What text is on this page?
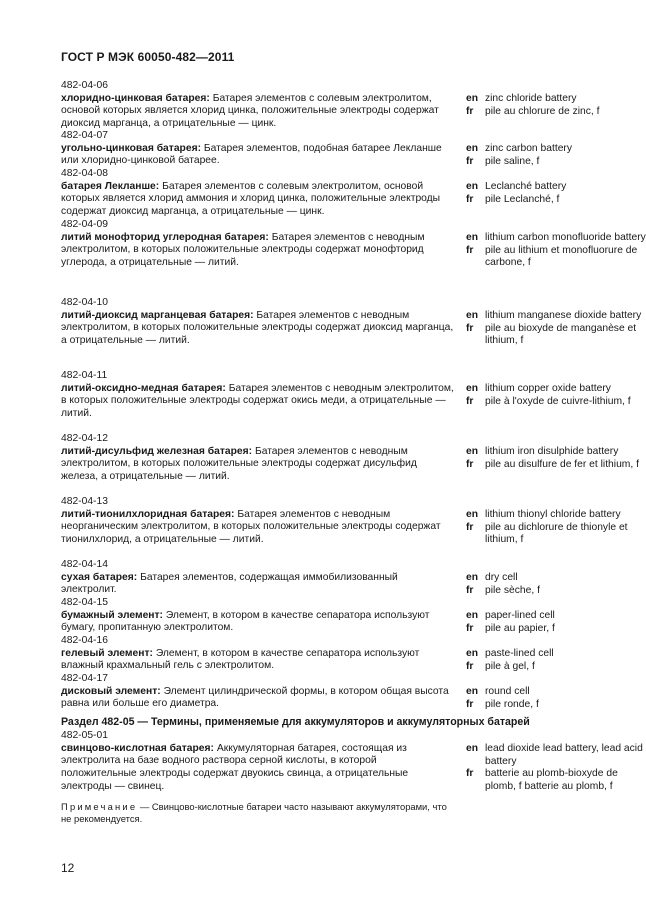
ГОСТ Р МЭК 60050-482—2011
482-04-06
хлоридно-цинковая батарея: Батарея элементов с солевым электролитом, основой которых является хлорид цинка, положительные электроды содержат диоксид марганца, а отрицательные — цинк.
en zinc chloride battery
fr	pile au chlorure de zinc, f
482-04-07
угольно-цинковая батарея: Батарея элементов, подобная батарее Лекланше или хлоридно-цинковой батарее.
en zinc carbon battery
fr	pile saline, f
482-04-08
батарея Лекланше: Батарея элементов с солевым электролитом, основой которых является хлорид аммония и хлорид цинка, положительные электроды содержат диоксид марганца, а отрицательные — цинк.
en Leclanché battery
fr	pile Leclanché, f
482-04-09
литий монофторид углеродная батарея: Батарея элементов с неводным электролитом, в которых положительные электроды содержат монофторид углерода, а отрицательные — литий.
en lithium carbon monofluoride battery
fr	pile au lithium et monofluorure de carbone, f
482-04-10
литий-диоксид марганцевая батарея: Батарея элементов с неводным электролитом, в которых положительные электроды содержат диоксид марганца, а отрицательные — литий.
en lithium manganese dioxide battery
fr	pile au bioxyde de manganèse et lithium, f
482-04-11
литий-оксидно-медная батарея: Батарея элементов с неводным электролитом, в которых положительные электроды содержат окись меди, а отрицательные — литий.
en lithium copper oxide battery
fr	pile à l'oxyde de cuivre-lithium, f
482-04-12
литий-дисульфид железная батарея: Батарея элементов с неводным электролитом, в которых положительные электроды содержат дисульфид железа, а отрицательные — литий.
en lithium iron disulphide battery
fr	pile au disulfure de fer et lithium, f
482-04-13
литий-тионилхлоридная батарея: Батарея элементов с неводным неорганическим электролитом, в которых положительные электроды содержат тионилхлорид, а отрицательные — литий.
en lithium thionyl chloride battery
fr	pile au dichlorure de thionyle et lithium, f
482-04-14
сухая батарея: Батарея элементов, содержащая иммобилизованный электролит.
en dry cell
fr	pile sèche, f
482-04-15
бумажный элемент: Элемент, в котором в качестве сепаратора используют бумагу, пропитанную электролитом.
en paper-lined cell
fr	pile au papier, f
482-04-16
гелевый элемент: Элемент, в котором в качестве сепаратора используют влажный крахмальный гель с электролитом.
en paste-lined cell
fr	pile à gel, f
482-04-17
дисковый элемент: Элемент цилиндрической формы, в котором общая высота равна или больше его диаметра.
en round cell
fr	pile ronde, f
Раздел 482-05 — Термины, применяемые для аккумуляторов и аккумуляторных батарей
482-05-01
свинцово-кислотная батарея: Аккумуляторная батарея, состоящая из электролита на базе водного раствора серной кислоты, в которой положительные электроды содержат двуокись свинца, а отрицательные электроды — свинец.
Примечание — Свинцово-кислотные батареи часто называют аккумуляторами, что не рекомендуется.
en lead dioxide lead battery, lead acid battery
fr	batterie au plomb-bioxyde de plomb, f batterie au plomb, f
12
